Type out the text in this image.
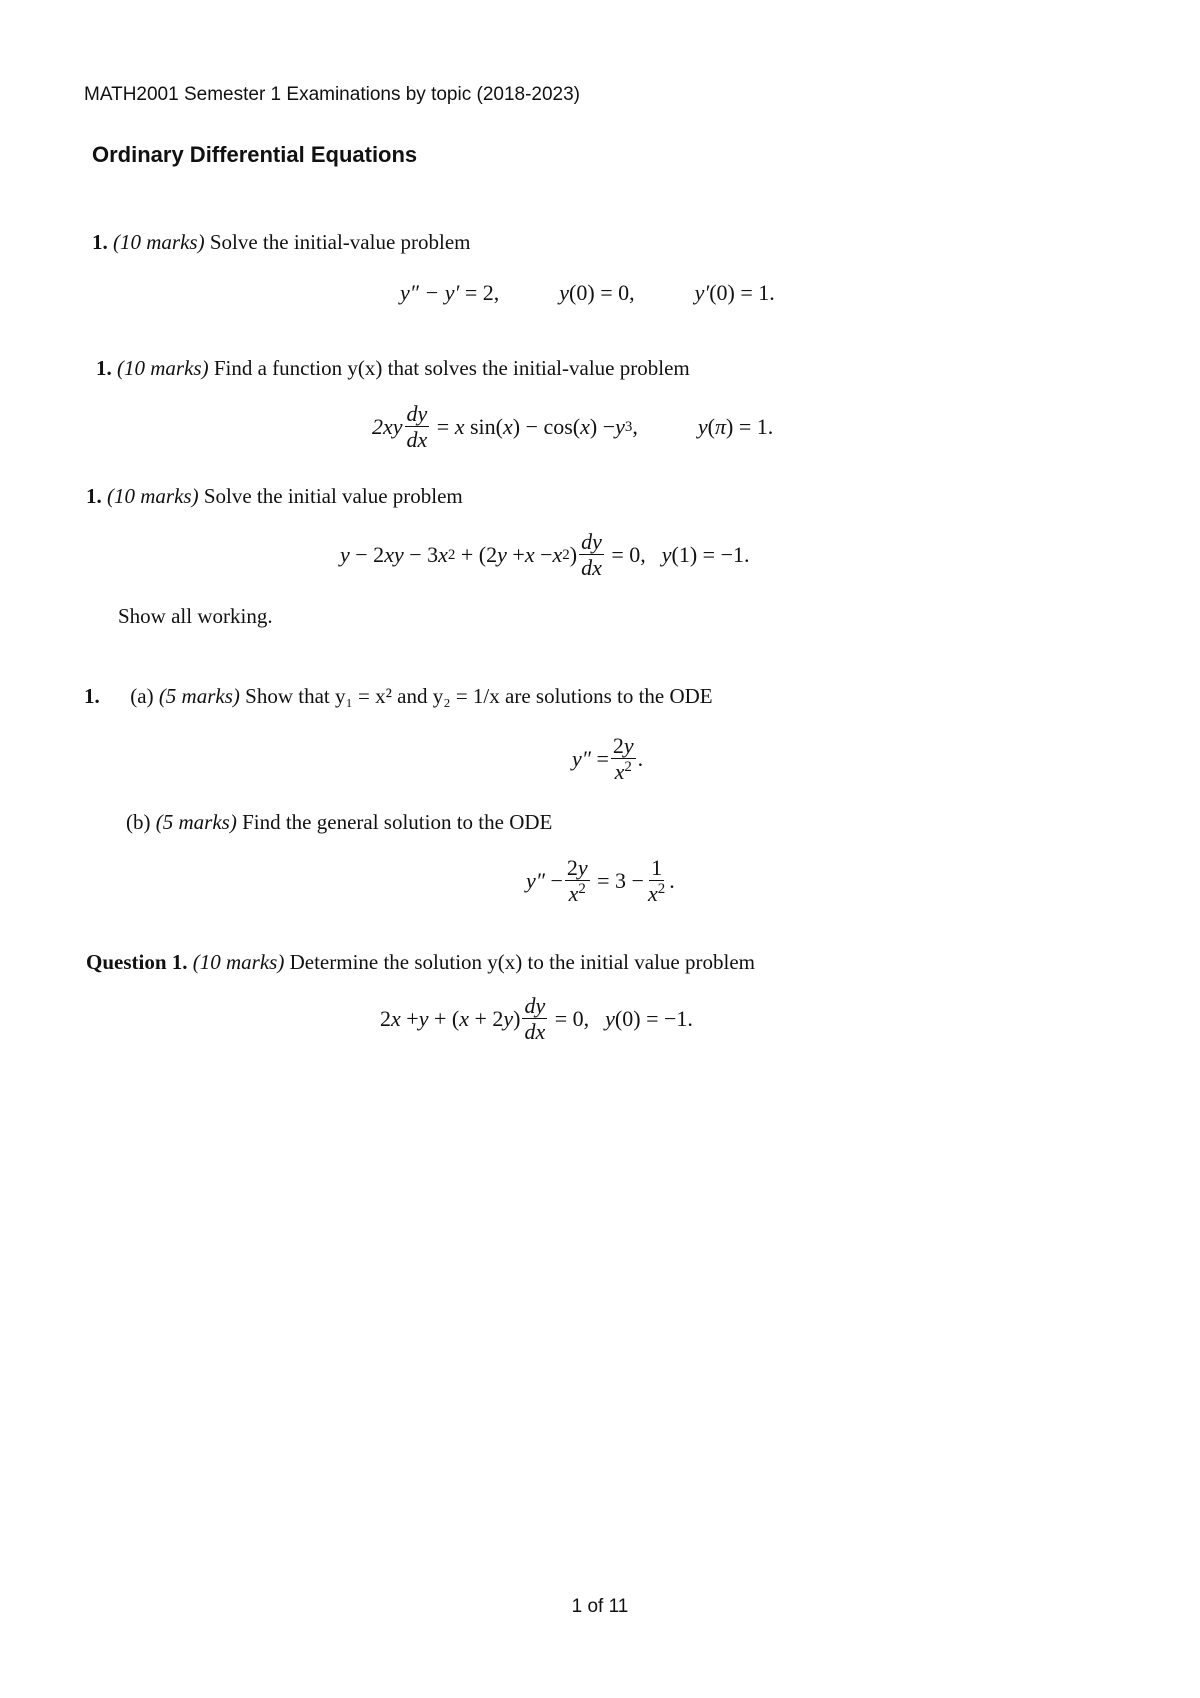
MATH2001 Semester 1 Examinations by topic (2018-2023)
Ordinary Differential Equations
1. (10 marks) Solve the initial-value problem
y″ − y′ = 2,	y(0) = 0,	y′(0) = 1.
1. (10 marks) Find a function y(x) that solves the initial-value problem
$2xy \frac{dy}{dx} = x$ sin( x ) − cos( x ) − y 3 ,	y ( π ) = 1.
1. (10 marks) Solve the initial value problem
y − 2 xy − 3 x 2 + (2 y + x − x 2 ) $\frac{dy}{dx} = 0$, y (1) = −1.
Show all working.
1. (a) (5 marks) Show that y₁ = x² and y₂ = 1/x are solutions to the ODE
$y'' = \frac{2y}{x^2}$ .
(b) (5 marks) Find the general solution to the ODE
$y'' - \frac{2y}{x^2} = 3 - \frac{1}{x^2}$ .
Question 1. (10 marks) Determine the solution y(x) to the initial value problem
2 x + y + ( x + 2 y ) $\frac{dy}{dx} = 0$, y (0) = −1.
1 of 11
